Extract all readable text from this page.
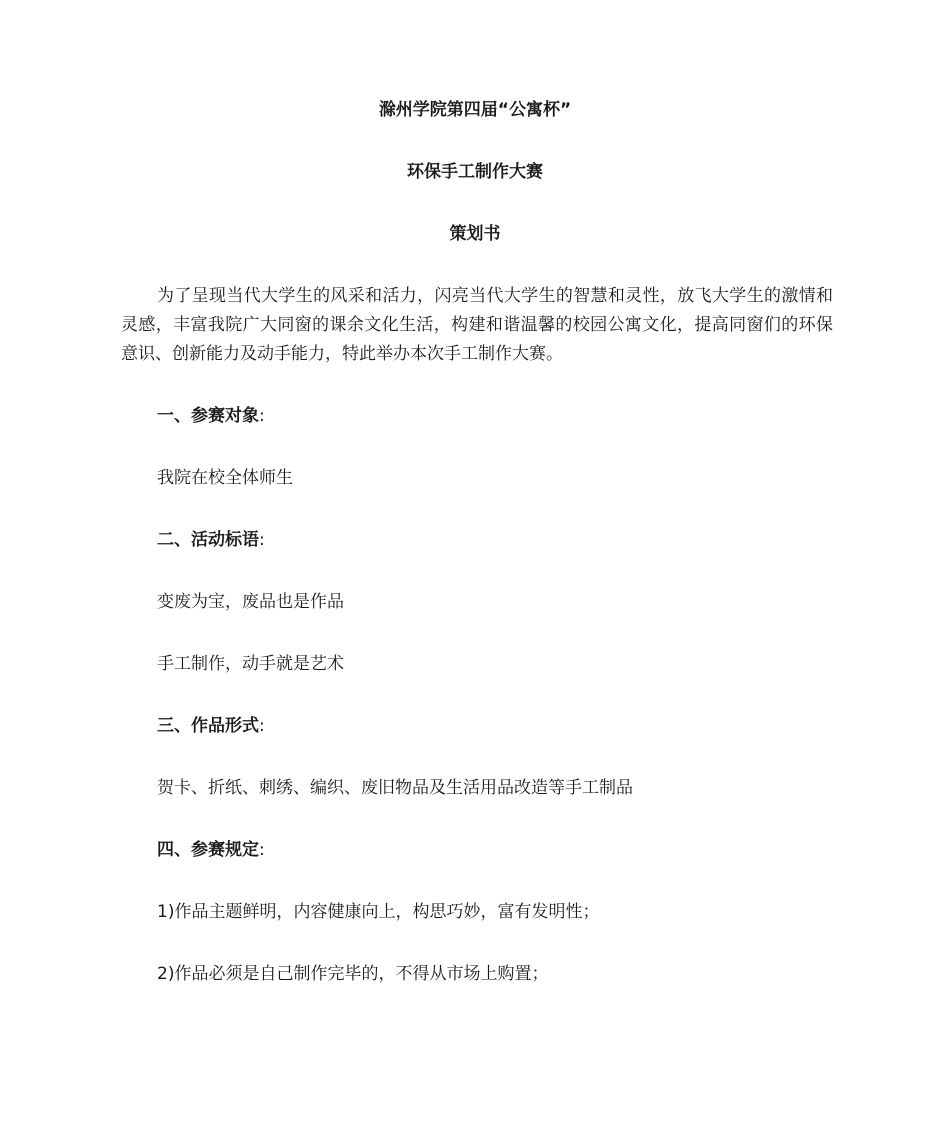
滁州学院第四届“公寓杯”
环保手工制作大赛
策划书

为了呈现当代大学生的风采和活力，闪亮当代大学生的智慧和灵性，放飞大学生的激情和灵感，丰富我院广大同窗的课余文化生活，构建和谐温馨的校园公寓文化，提高同窗们的环保意识、创新能力及动手能力，特此举办本次手工制作大赛。

一、参赛对象:
我院在校全体师生
二、活动标语:
变废为宝，废品也是作品
手工制作，动手就是艺术
三、作品形式:
贺卡、折纸、刺绣、编织、废旧物品及生活用品改造等手工制品
四、参赛规定:
1)作品主题鲜明，内容健康向上，构思巧妙，富有发明性；
2)作品必须是自己制作完毕的，不得从市场上购置；
